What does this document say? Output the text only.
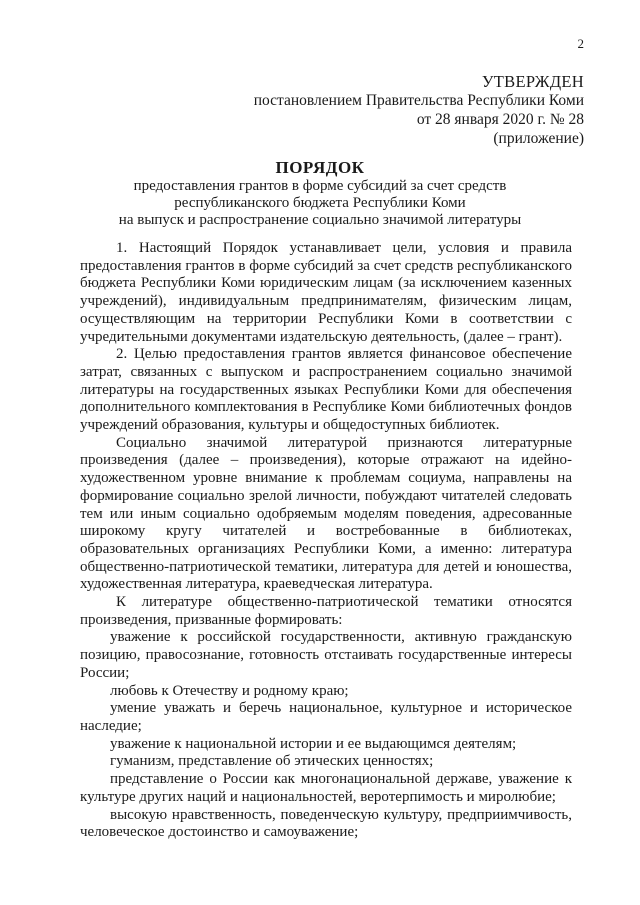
2
УТВЕРЖДЕН
постановлением Правительства Республики Коми
от 28 января 2020 г. № 28
(приложение)
ПОРЯДОК
предоставления грантов в форме субсидий за счет средств
республиканского бюджета Республики Коми
на выпуск и распространение социально значимой литературы

1. Настоящий Порядок устанавливает цели, условия и правила предоставления грантов в форме субсидий за счет средств республиканского бюджета Республики Коми юридическим лицам (за исключением казенных учреждений), индивидуальным предпринимателям, физическим лицам, осуществляющим на территории Республики Коми в соответствии с учредительными документами издательскую деятельность, (далее – грант).

2. Целью предоставления грантов является финансовое обеспечение затрат, связанных с выпуском и распространением социально значимой литературы на государственных языках Республики Коми для обеспечения дополнительного комплектования в Республике Коми библиотечных фондов учреждений образования, культуры и общедоступных библиотек.

Социально значимой литературой признаются литературные произведения (далее – произведения), которые отражают на идейно-художественном уровне внимание к проблемам социума, направлены на формирование социально зрелой личности, побуждают читателей следовать тем или иным социально одобряемым моделям поведения, адресованные широкому кругу читателей и востребованные в библиотеках, образовательных организациях Республики Коми, а именно: литература общественно-патриотической тематики, литература для детей и юношества, художественная литература, краеведческая литература.

К литературе общественно-патриотической тематики относятся произведения, призванные формировать:

уважение к российской государственности, активную гражданскую позицию, правосознание, готовность отстаивать государственные интересы России;

любовь к Отечеству и родному краю;

умение уважать и беречь национальное, культурное и историческое наследие;

уважение к национальной истории и ее выдающимся деятелям;

гуманизм, представление об этических ценностях;

представление о России как многонациональной державе, уважение к культуре других наций и национальностей, веротерпимость и миролюбие;

высокую нравственность, поведенческую культуру, предприимчивость, человеческое достоинство и самоуважение;
